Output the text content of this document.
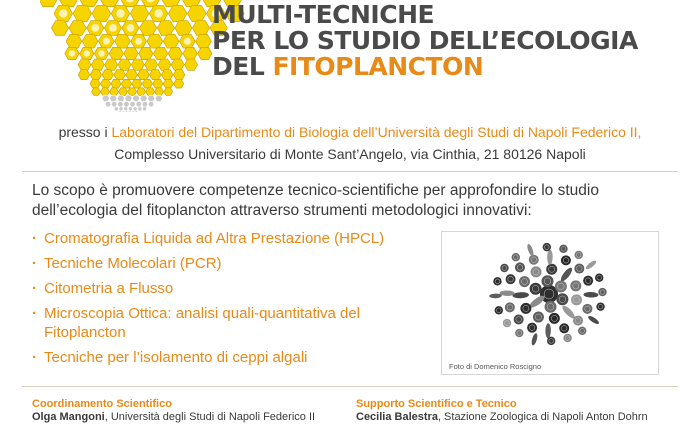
MULTI-TECNICHE
PER LO STUDIO DELL’ECOLOGIA
DEL FITOPLANCTON
presso i Laboratori del Dipartimento di Biologia dell’Università degli Studi di Napoli Federico II,
Complesso Universitario di Monte Sant’Angelo, via Cinthia, 21 80126 Napoli
Lo scopo è promuovere competenze tecnico-scientifiche per approfondire lo studio dell’ecologia del fitoplancton attraverso strumenti metodologici innovativi:
· Cromatografia Liquida ad Altra Prestazione (HPCL)
· Tecniche Molecolari (PCR)
· Citometria a Flusso
· Microscopia Ottica: analisi quali-quantitativa del Fitoplancton
· Tecniche per l’isolamento di ceppi algali
Foto di Domenico Roscigno
Coordinamento Scientifico
Olga Mangoni, Università degli Studi di Napoli Federico II
Supporto Scientifico e Tecnico
Cecilia Balestra, Stazione Zoologica di Napoli Anton Dohrn
